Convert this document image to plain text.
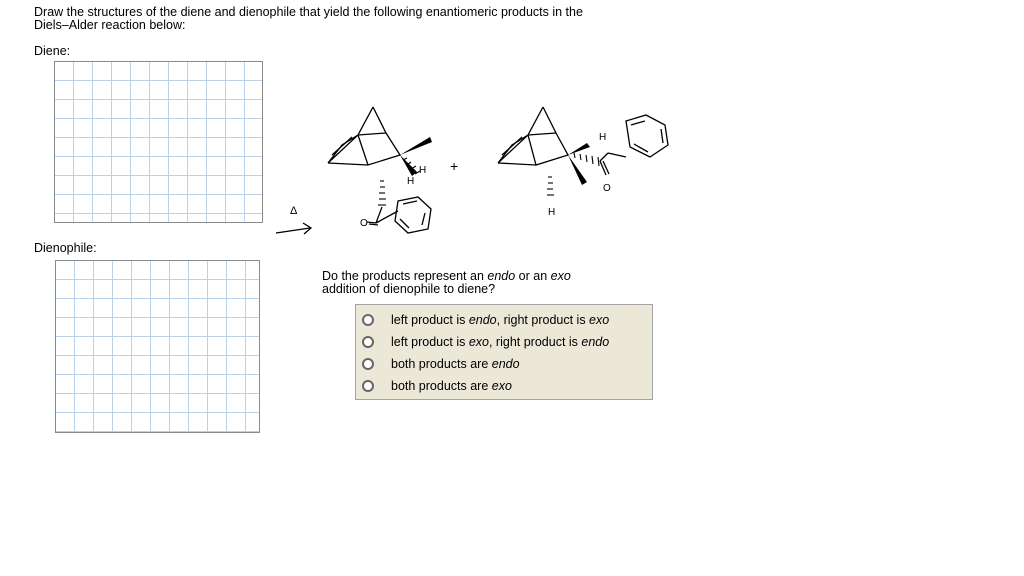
Draw the structures of the diene and dienophile that yield the following enantiomeric products in the
Diels–Alder reaction below:
Diene:
Dienophile:
Δ
H
H
O
+
H
O
H
Do the products represent an endo or an exo
addition of dienophile to diene?
left product is endo, right product is exo
left product is exo, right product is endo
both products are endo
both products are exo
